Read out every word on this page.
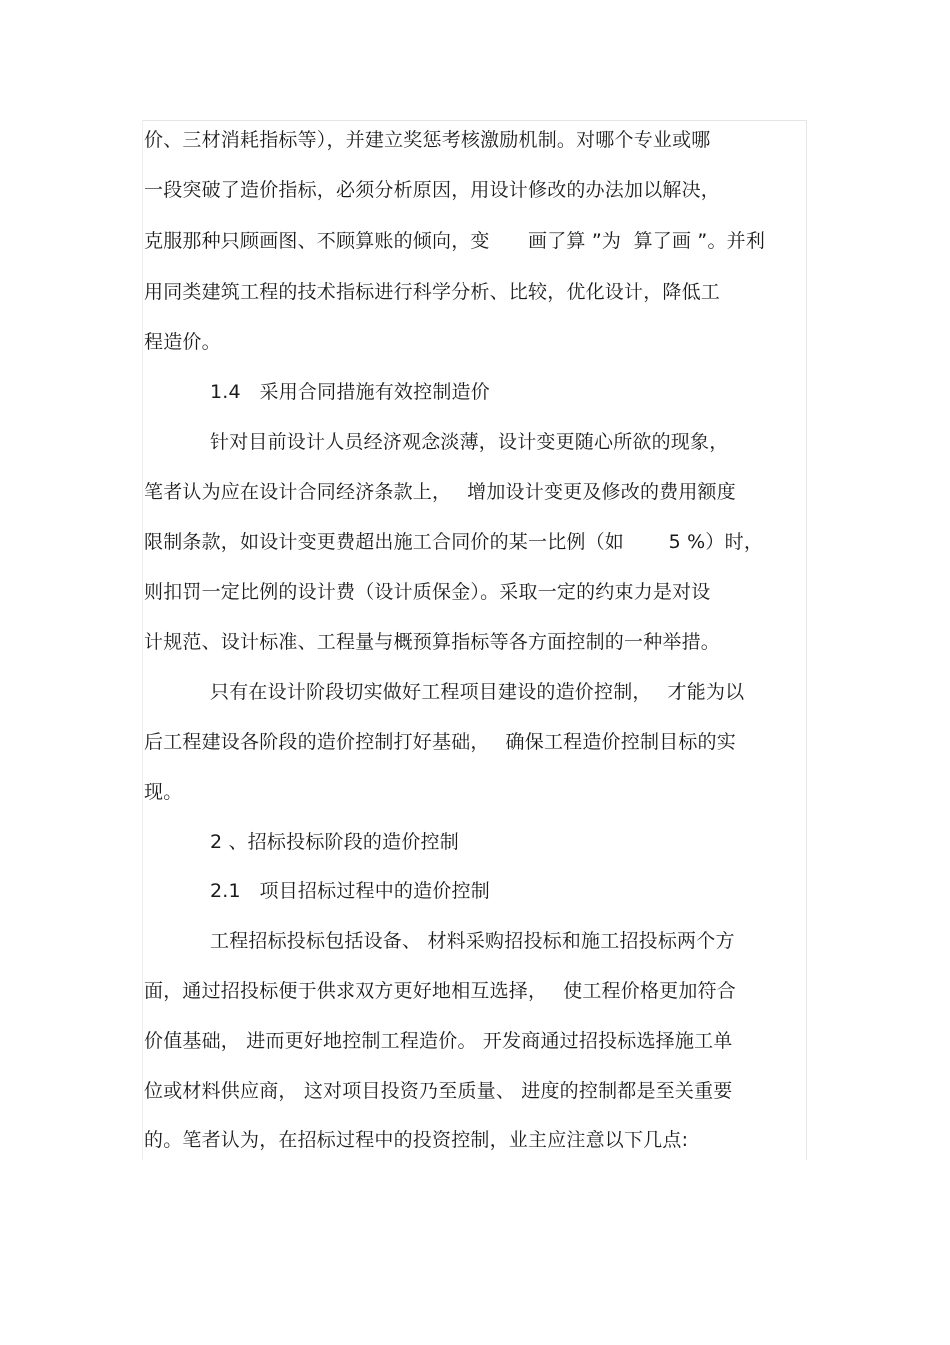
价、三材消耗指标等），并建立奖惩考核激励机制。对哪个专业或哪
一段突破了造价指标，必须分析原因，用设计修改的办法加以解决，
克服那种只顾画图、不顾算账的倾向，变　　画了算 ”为  算了画 ”。并利
用同类建筑工程的技术指标进行科学分析、比较，优化设计，降低工
程造价。
1.4   采用合同措施有效控制造价
针对目前设计人员经济观念淡薄，设计变更随心所欲的现象，
笔者认为应在设计合同经济条款上，　 增加设计变更及修改的费用额度
限制条款，如设计变更费超出施工合同价的某一比例（如　　 5 %）时，
则扣罚一定比例的设计费（设计质保金）。采取一定的约束力是对设
计规范、设计标准、工程量与概预算指标等各方面控制的一种举措。
只有在设计阶段切实做好工程项目建设的造价控制，　 才能为以
后工程建设各阶段的造价控制打好基础，　 确保工程造价控制目标的实
现。
2 、招标投标阶段的造价控制
2.1   项目招标过程中的造价控制
工程招标投标包括设备、 材料采购招投标和施工招投标两个方
面，通过招投标便于供求双方更好地相互选择，　 使工程价格更加符合
价值基础， 进而更好地控制工程造价。 开发商通过招投标选择施工单
位或材料供应商， 这对项目投资乃至质量、 进度的控制都是至关重要
的。笔者认为，在招标过程中的投资控制，业主应注意以下几点:
